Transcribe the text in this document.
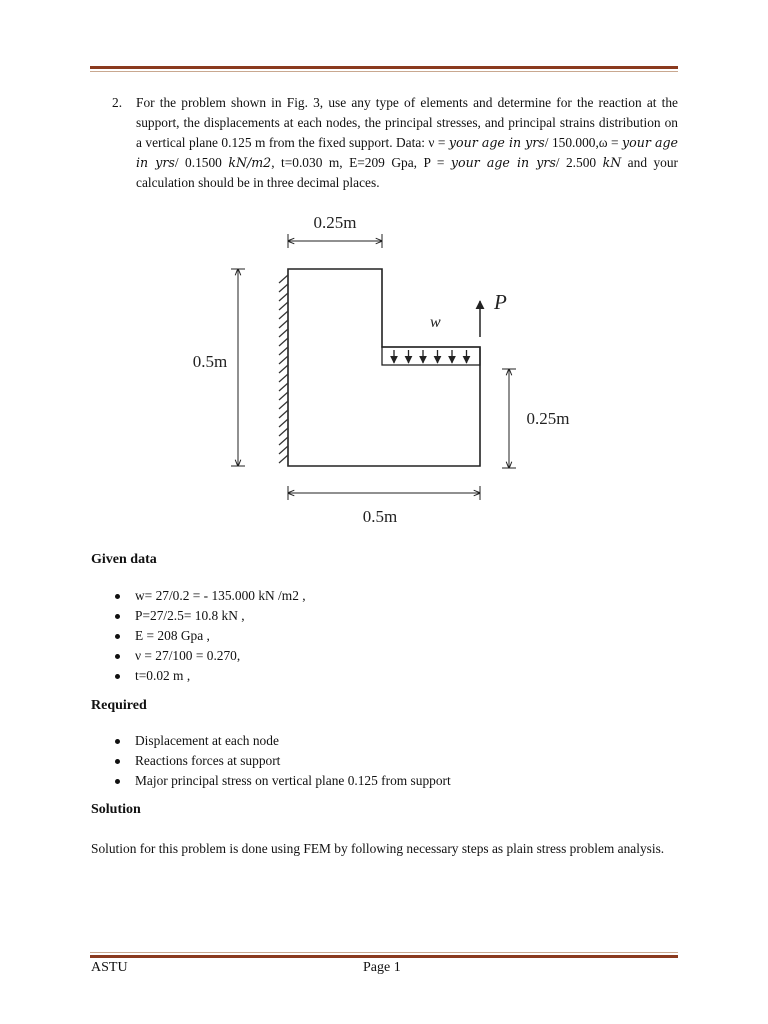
2. For the problem shown in Fig. 3, use any type of elements and determine for the reaction at the support, the displacements at each nodes, the principal stresses, and principal strains distribution on a vertical plane 0.125 m from the fixed support. Data: ν = your age in yrs/ 150.000,ω = your age in yrs/ 0.1500 kN/m2, t=0.030 m, E=209 Gpa, P = your age in yrs/ 2.500 kN and your calculation should be in three decimal places.
P
w
0.25m
0.5m
0.25m
0.5m
Given data
w= 27/0.2 = - 135.000 kN /m2 ,
P=27/2.5= 10.8 kN ,
E = 208 Gpa ,
ν = 27/100 = 0.270,
t=0.02 m ,
Required
Displacement at each node
Reactions forces at support
Major principal stress on vertical plane 0.125 from support
Solution
Solution for this problem is done using FEM by following necessary steps as plain stress problem analysis.
ASTU	Page 1
